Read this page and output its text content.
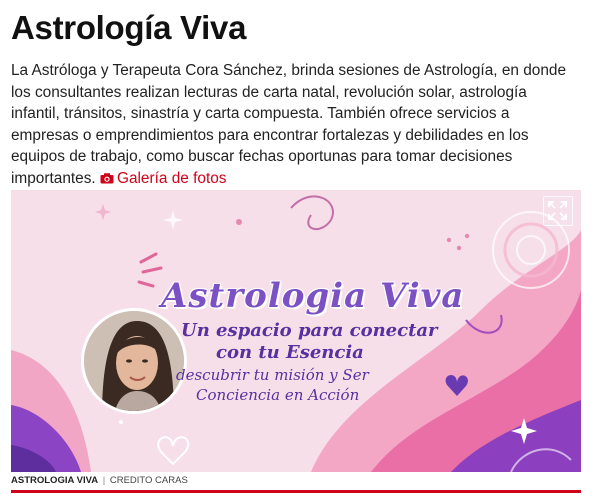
Astrología Viva

La Astróloga y Terapeuta Cora Sánchez, brinda sesiones de Astrología, en donde los consultantes realizan lecturas de carta natal, revolución solar, astrología infantil, tránsitos, sinastría y carta compuesta. También ofrece servicios a empresas o emprendimientos para encontrar fortalezas y debilidades en los equipos de trabajo, como buscar fechas oportunas para tomar decisiones importantes. Galería de fotos

Astrologia Viva
Un espacio para conectar
con tu Esencia
descubrir tu misión y Ser
Conciencia en Acción
ASTROLOGIA VIVA | CREDITO CARAS
